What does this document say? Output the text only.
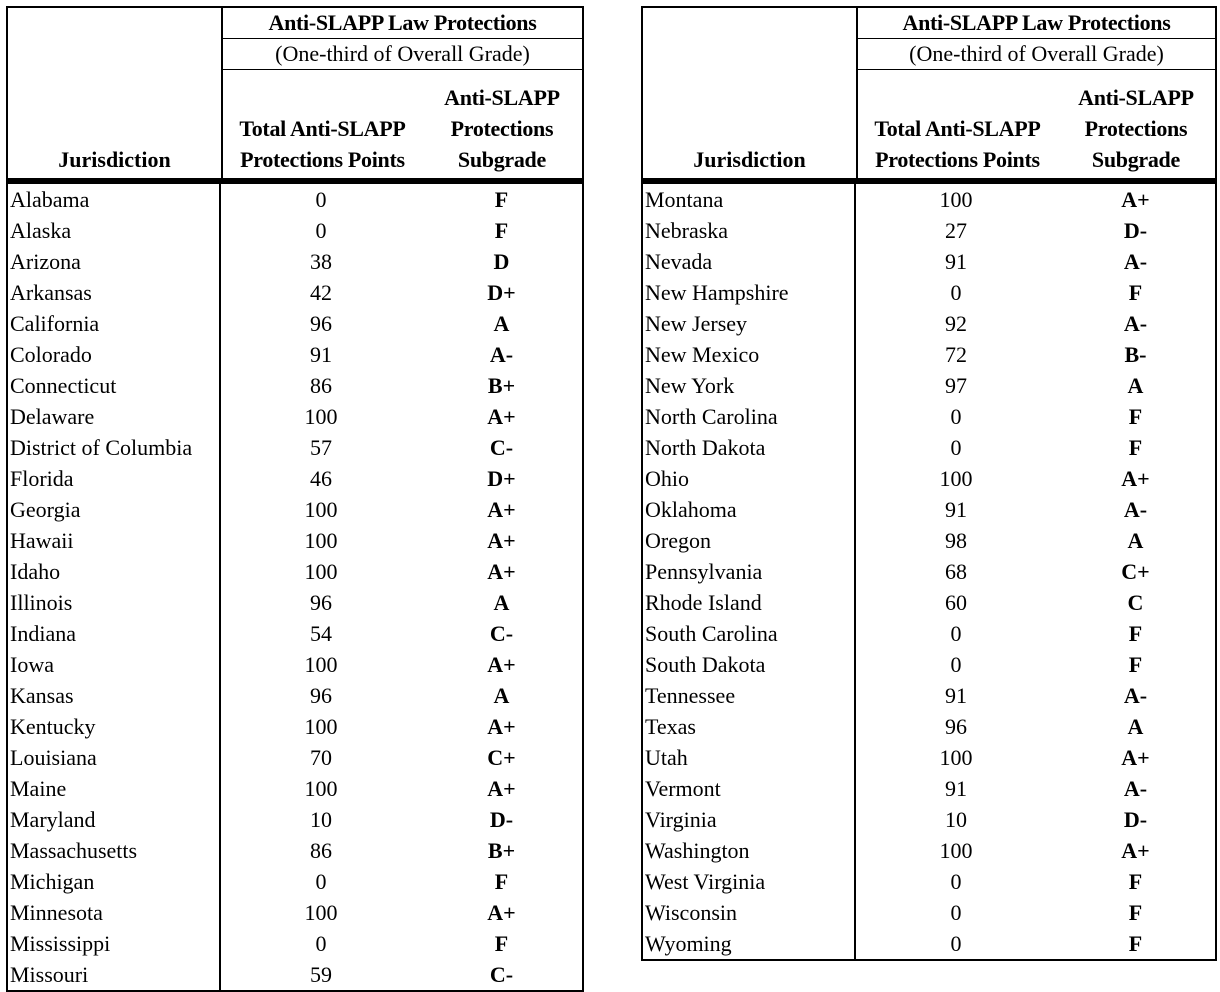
Jurisdiction
Anti-SLAPP Law Protections
(One-third of Overall Grade)
Total Anti-SLAPP
Protections Points
Anti-SLAPP
Protections
Subgrade
Alabama	0	F
Alaska	0	F
Arizona	38	D
Arkansas	42	D+
California	96	A
Colorado	91	A-
Connecticut	86	B+
Delaware	100	A+
District of Columbia	57	C-
Florida	46	D+
Georgia	100	A+
Hawaii	100	A+
Idaho	100	A+
Illinois	96	A
Indiana	54	C-
Iowa	100	A+
Kansas	96	A
Kentucky	100	A+
Louisiana	70	C+
Maine	100	A+
Maryland	10	D-
Massachusetts	86	B+
Michigan	0	F
Minnesota	100	A+
Mississippi	0	F
Missouri	59	C-
Jurisdiction
Anti-SLAPP Law Protections
(One-third of Overall Grade)
Total Anti-SLAPP
Protections Points
Anti-SLAPP
Protections
Subgrade
Montana	100	A+
Nebraska	27	D-
Nevada	91	A-
New Hampshire	0	F
New Jersey	92	A-
New Mexico	72	B-
New York	97	A
North Carolina	0	F
North Dakota	0	F
Ohio	100	A+
Oklahoma	91	A-
Oregon	98	A
Pennsylvania	68	C+
Rhode Island	60	C
South Carolina	0	F
South Dakota	0	F
Tennessee	91	A-
Texas	96	A
Utah	100	A+
Vermont	91	A-
Virginia	10	D-
Washington	100	A+
West Virginia	0	F
Wisconsin	0	F
Wyoming	0	F
